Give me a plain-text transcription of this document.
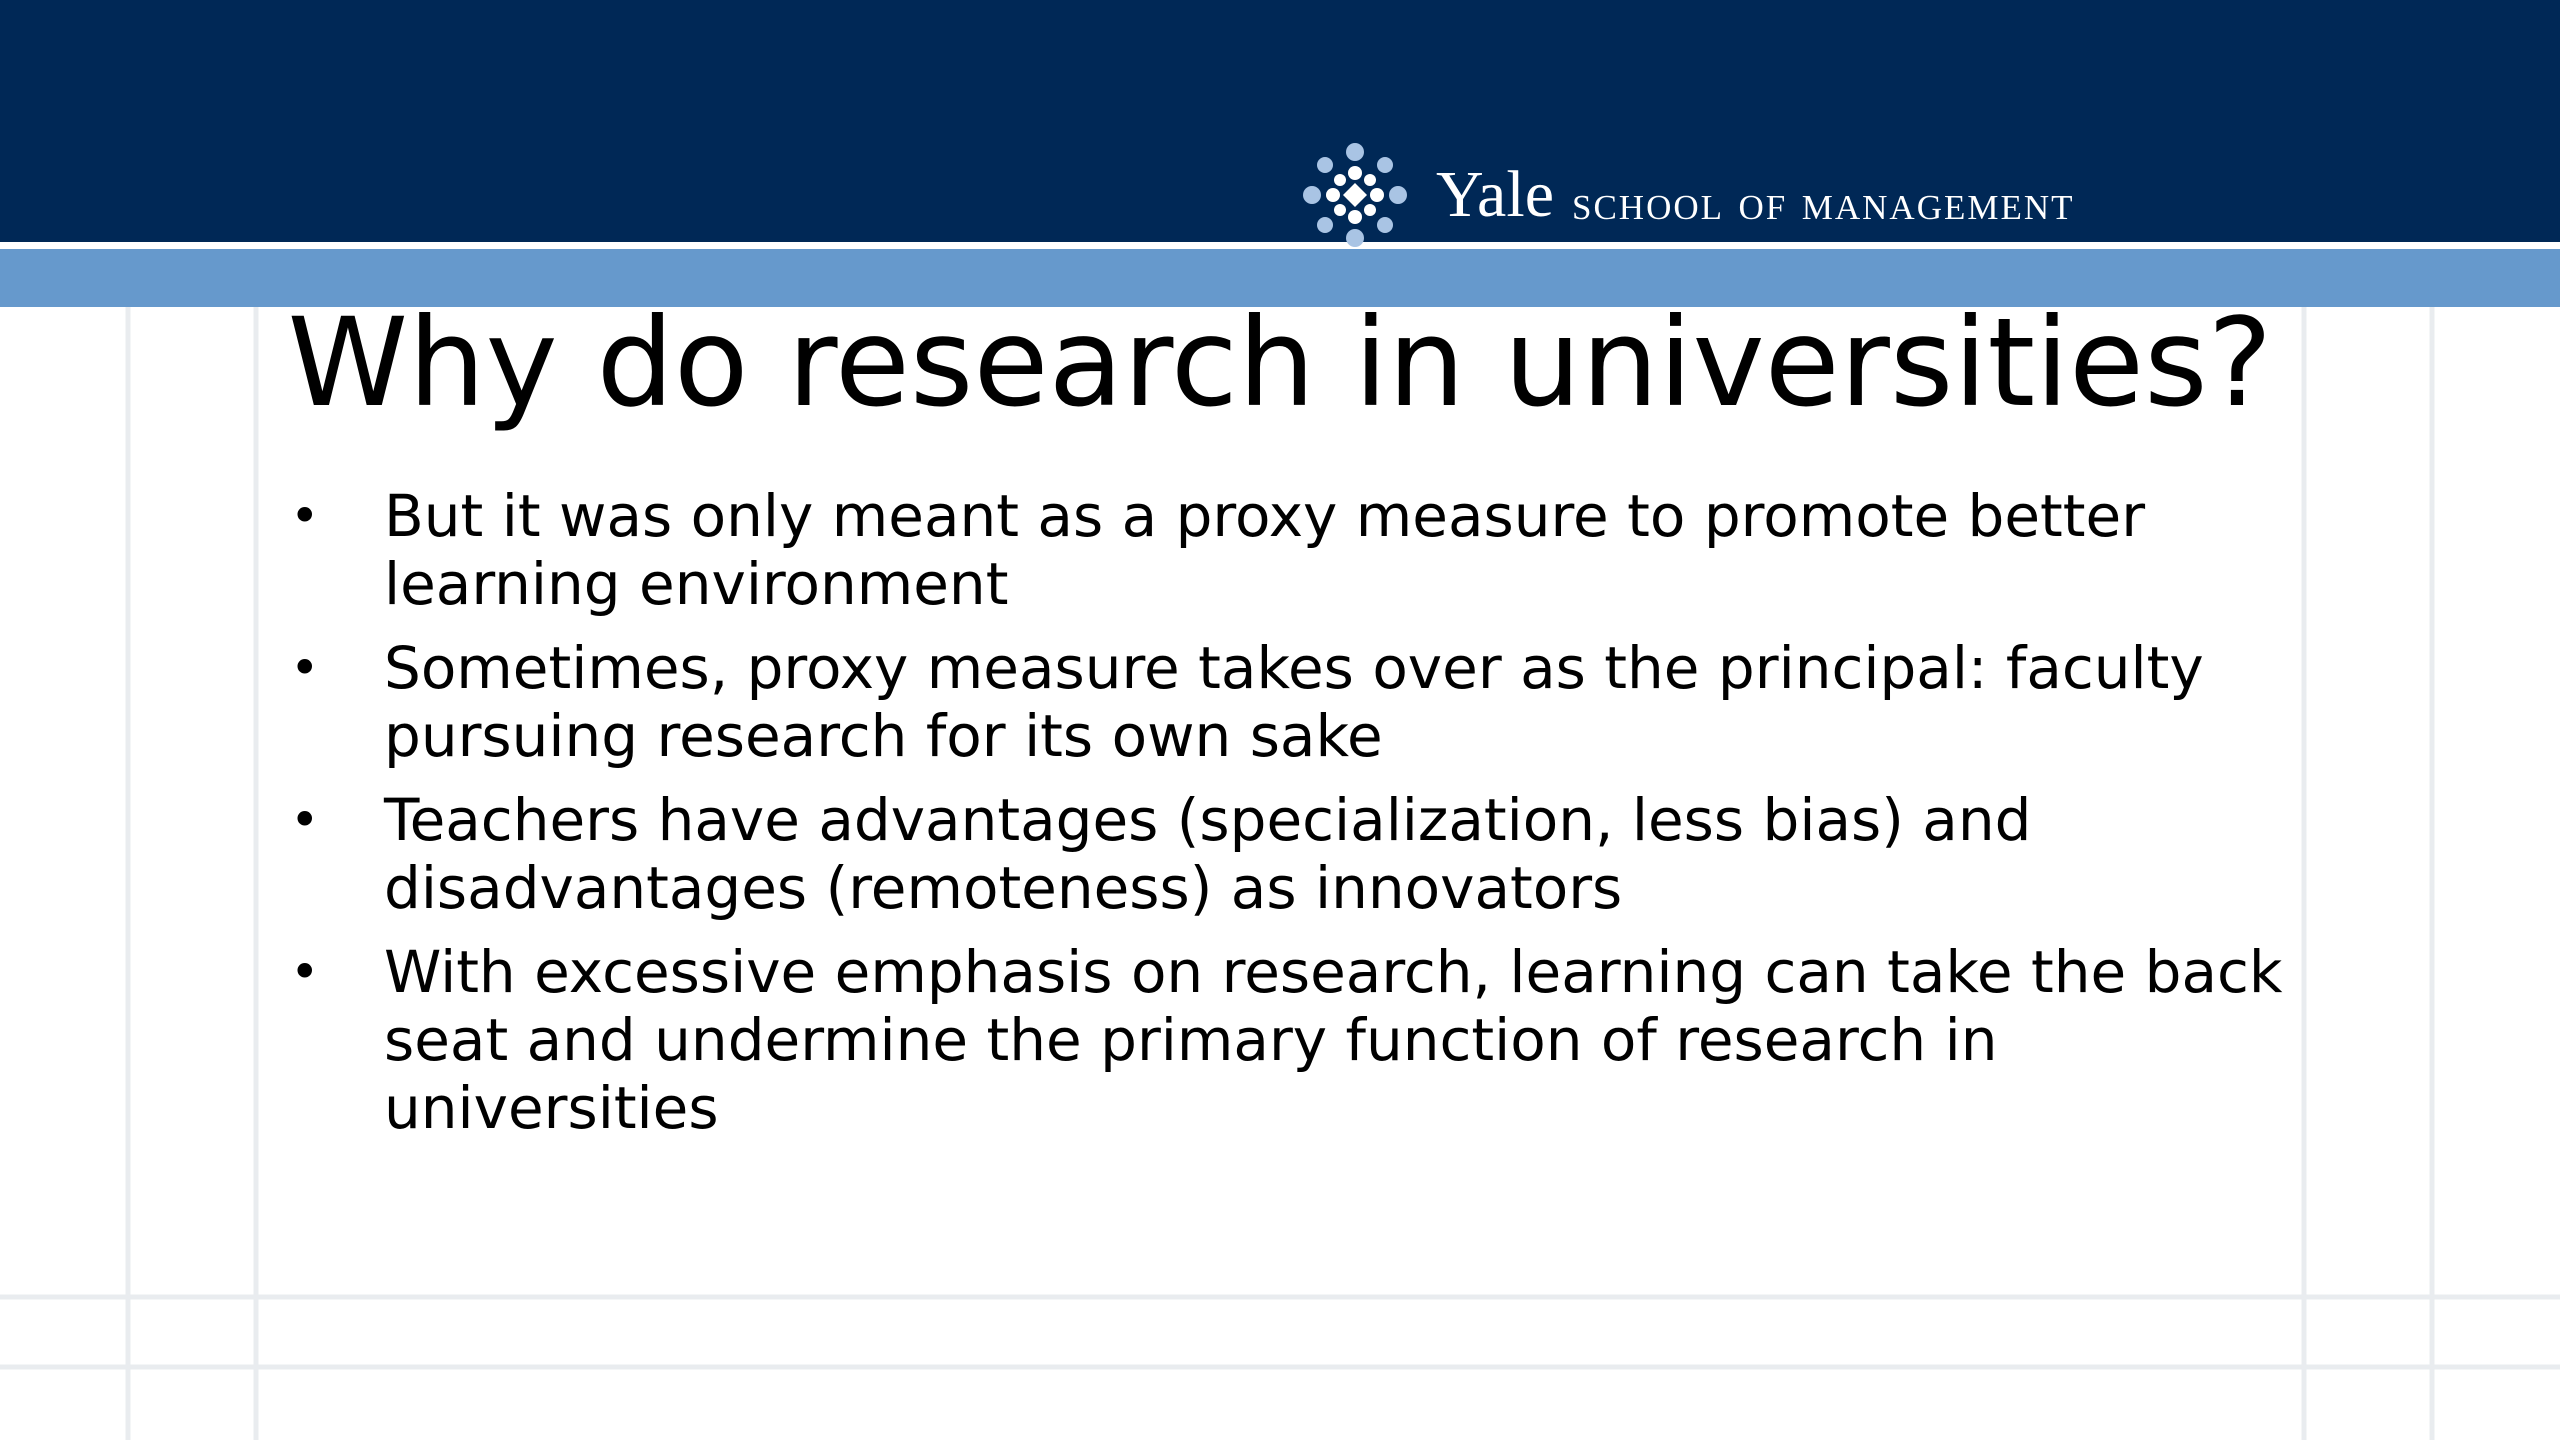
Yale school of management
Why do research in universities?
• But it was only meant as a proxy measure to promote better learning environment
• Sometimes, proxy measure takes over as the principal: faculty pursuing research for its own sake
• Teachers have advantages (specialization, less bias) and disadvantages (remoteness) as innovators
• With excessive emphasis on research, learning can take the back seat and undermine the primary function of research in universities
